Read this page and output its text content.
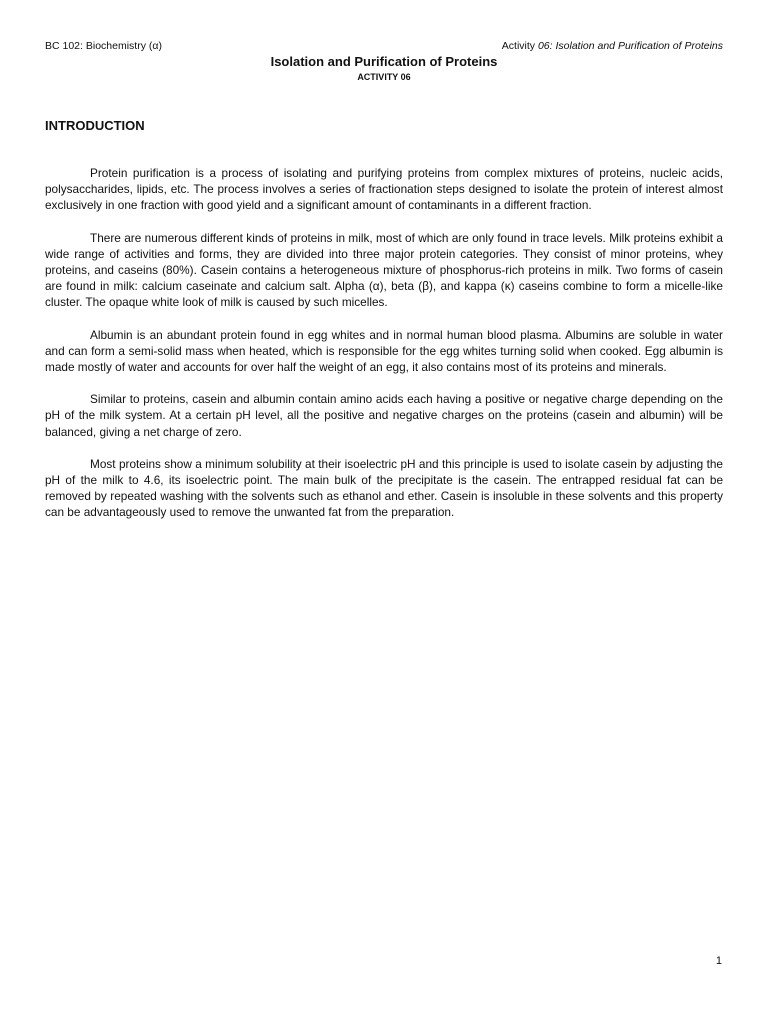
BC 102: Biochemistry (α)	Activity 06: Isolation and Purification of Proteins
Isolation and Purification of Proteins
ACTIVITY 06
INTRODUCTION

Protein purification is a process of isolating and purifying proteins from complex mixtures of proteins, nucleic acids, polysaccharides, lipids, etc. The process involves a series of fractionation steps designed to isolate the protein of interest almost exclusively in one fraction with good yield and a significant amount of contaminants in a different fraction.

There are numerous different kinds of proteins in milk, most of which are only found in trace levels. Milk proteins exhibit a wide range of activities and forms, they are divided into three major protein categories. They consist of minor proteins, whey proteins, and caseins (80%). Casein contains a heterogeneous mixture of phosphorus-rich proteins in milk. Two forms of casein are found in milk: calcium caseinate and calcium salt. Alpha (α), beta (β), and kappa (κ) caseins combine to form a micelle-like cluster. The opaque white look of milk is caused by such micelles.

Albumin is an abundant protein found in egg whites and in normal human blood plasma. Albumins are soluble in water and can form a semi-solid mass when heated, which is responsible for the egg whites turning solid when cooked. Egg albumin is made mostly of water and accounts for over half the weight of an egg, it also contains most of its proteins and minerals.

Similar to proteins, casein and albumin contain amino acids each having a positive or negative charge depending on the pH of the milk system. At a certain pH level, all the positive and negative charges on the proteins (casein and albumin) will be balanced, giving a net charge of zero.

Most proteins show a minimum solubility at their isoelectric pH and this principle is used to isolate casein by adjusting the pH of the milk to 4.6, its isoelectric point. The main bulk of the precipitate is the casein. The entrapped residual fat can be removed by repeated washing with the solvents such as ethanol and ether. Casein is insoluble in these solvents and this property can be advantageously used to remove the unwanted fat from the preparation.

1
